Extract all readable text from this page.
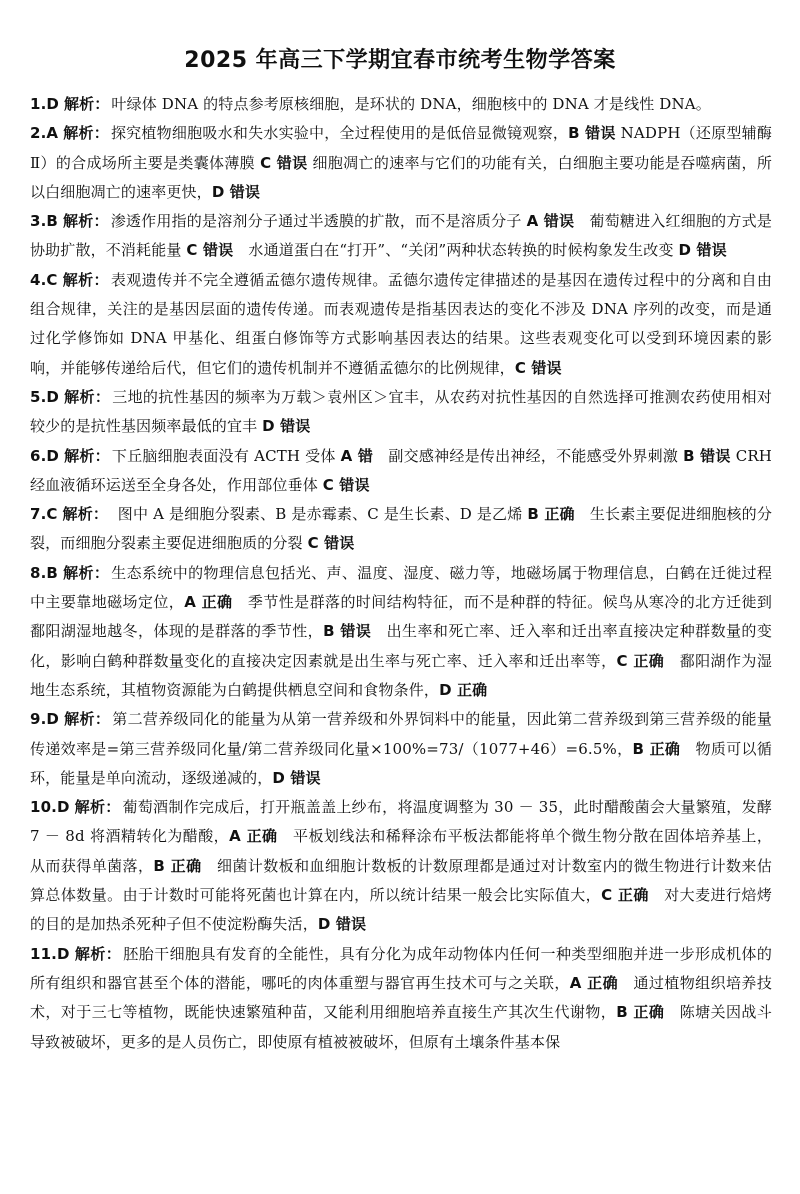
2025 年高三下学期宜春市统考生物学答案

1.D 解析： 叶绿体 DNA 的特点参考原核细胞，是环状的 DNA，细胞核中的 DNA 才是线性 DNA。

2.A 解析： 探究植物细胞吸水和失水实验中，全过程使用的是低倍显微镜观察，B 错误 NADPH（还原型辅酶Ⅱ）的合成场所主要是类囊体薄膜 C 错误 细胞凋亡的速率与它们的功能有关，白细胞主要功能是吞噬病菌，所以白细胞凋亡的速率更快，D 错误

3.B 解析： 渗透作用指的是溶剂分子通过半透膜的扩散，而不是溶质分子 A 错误　葡萄糖进入红细胞的方式是协助扩散，不消耗能量 C 错误　水通道蛋白在“打开”、“关闭”两种状态转换的时候构象发生改变 D 错误

4.C 解析： 表观遗传并不完全遵循孟德尔遗传规律。孟德尔遗传定律描述的是基因在遗传过程中的分离和自由组合规律，关注的是基因层面的遗传传递。而表观遗传是指基因表达的变化不涉及 DNA 序列的改变，而是通过化学修饰如 DNA 甲基化、组蛋白修饰等方式影响基因表达的结果。这些表观变化可以受到环境因素的影响，并能够传递给后代，但它们的遗传机制并不遵循孟德尔的比例规律，C 错误

5.D 解析： 三地的抗性基因的频率为万载＞袁州区＞宜丰，从农药对抗性基因的自然选择可推测农药使用相对较少的是抗性基因频率最低的宜丰 D 错误

6.D 解析： 下丘脑细胞表面没有 ACTH 受体 A 错　副交感神经是传出神经，不能感受外界刺激 B 错误 CRH 经血液循环运送至全身各处，作用部位垂体 C 错误

7.C 解析：　图中 A 是细胞分裂素、B 是赤霉素、C 是生长素、D 是乙烯 B 正确　生长素主要促进细胞核的分裂，而细胞分裂素主要促进细胞质的分裂 C 错误

8.B 解析： 生态系统中的物理信息包括光、声、温度、湿度、磁力等，地磁场属于物理信息，白鹤在迁徙过程中主要靠地磁场定位，A 正确　季节性是群落的时间结构特征，而不是种群的特征。候鸟从寒冷的北方迁徙到鄱阳湖湿地越冬，体现的是群落的季节性，B 错误　出生率和死亡率、迁入率和迁出率直接决定种群数量的变化，影响白鹤种群数量变化的直接决定因素就是出生率与死亡率、迁入率和迁出率等，C 正确　鄱阳湖作为湿地生态系统，其植物资源能为白鹤提供栖息空间和食物条件，D 正确

9.D 解析： 第二营养级同化的能量为从第一营养级和外界饲料中的能量，因此第二营养级到第三营养级的能量传递效率是=第三营养级同化量/第二营养级同化量×100%=73/（1077+46）=6.5%，B 正确　物质可以循环，能量是单向流动，逐级递减的，D 错误

10.D 解析： 葡萄酒制作完成后，打开瓶盖盖上纱布，将温度调整为 30 － 35，此时醋酸菌会大量繁殖，发酵 7 － 8d 将酒精转化为醋酸，A 正确　平板划线法和稀释涂布平板法都能将单个微生物分散在固体培养基上，从而获得单菌落，B 正确　细菌计数板和血细胞计数板的计数原理都是通过对计数室内的微生物进行计数来估算总体数量。由于计数时可能将死菌也计算在内，所以统计结果一般会比实际值大，C 正确　对大麦进行焙烤的目的是加热杀死种子但不使淀粉酶失活，D 错误

11.D 解析： 胚胎干细胞具有发育的全能性，具有分化为成年动物体内任何一种类型细胞并进一步形成机体的所有组织和器官甚至个体的潜能，哪吒的肉体重塑与器官再生技术可与之关联，A 正确　通过植物组织培养技术，对于三七等植物，既能快速繁殖种苗，又能利用细胞培养直接生产其次生代谢物，B 正确　陈塘关因战斗导致被破坏，更多的是人员伤亡，即使原有植被被破坏，但原有土壤条件基本保
